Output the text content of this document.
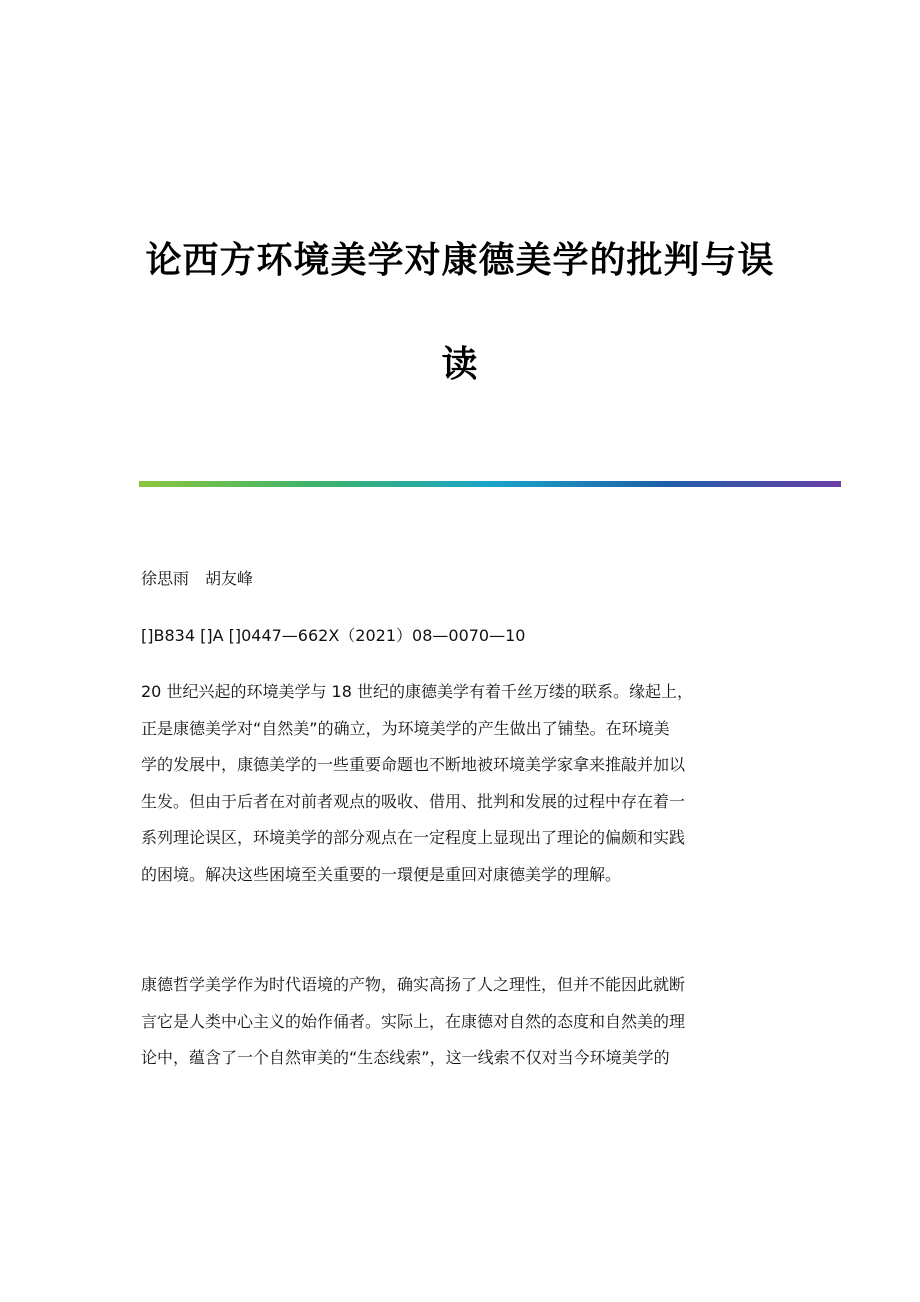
论西方环境美学对康德美学的批判与误
读
徐思雨　胡友峰
[]B834 []A []0447—662X（2021）08—0070—10
20 世纪兴起的环境美学与 18 世纪的康德美学有着千丝万缕的联系。缘起上，
正是康德美学对“自然美”的确立，为环境美学的产生做出了铺垫。在环境美
学的发展中，康德美学的一些重要命题也不断地被环境美学家拿来推敲并加以
生发。但由于后者在对前者观点的吸收、借用、批判和发展的过程中存在着一
系列理论误区，环境美学的部分观点在一定程度上显现出了理论的偏颇和实践
的困境。解决这些困境至关重要的一環便是重回对康德美学的理解。
康德哲学美学作为时代语境的产物，确实高扬了人之理性，但并不能因此就断
言它是人类中心主义的始作俑者。实际上，在康德对自然的态度和自然美的理
论中，蕴含了一个自然审美的“生态线索”，这一线索不仅对当今环境美学的
